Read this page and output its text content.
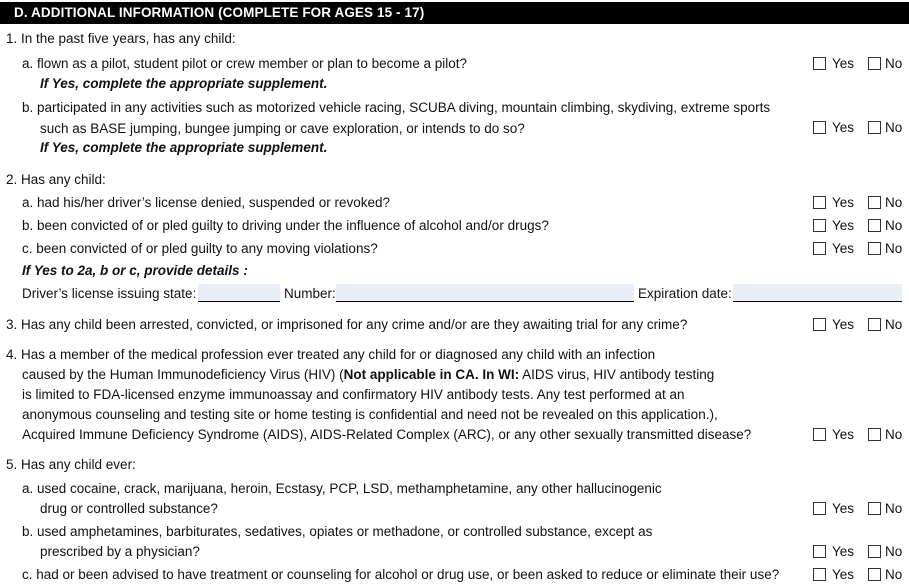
D. ADDITIONAL INFORMATION (COMPLETE FOR AGES 15 - 17)
1. In the past five years, has any child:
a. flown as a pilot, student pilot or crew member or plan to become a pilot?
If Yes, complete the appropriate supplement.
Yes No
b. participated in any activities such as motorized vehicle racing, SCUBA diving, mountain climbing, skydiving, extreme sports
such as BASE jumping, bungee jumping or cave exploration, or intends to do so?
If Yes, complete the appropriate supplement.
Yes No
2. Has any child:
a. had his/her driver’s license denied, suspended or revoked?	Yes No
b. been convicted of or pled guilty to driving under the influence of alcohol and/or drugs?	Yes No
c. been convicted of or pled guilty to any moving violations?	Yes No
If Yes to 2a, b or c, provide details :
Driver’s license issuing state:	Number:	Expiration date:
3. Has any child been arrested, convicted, or imprisoned for any crime and/or are they awaiting trial for any crime?	Yes No
4. Has a member of the medical profession ever treated any child for or diagnosed any child with an infection
caused by the Human Immunodeficiency Virus (HIV) (Not applicable in CA. In WI: AIDS virus, HIV antibody testing
is limited to FDA-licensed enzyme immunoassay and confirmatory HIV antibody tests. Any test performed at an
anonymous counseling and testing site or home testing is confidential and need not be revealed on this application.),
Acquired Immune Deficiency Syndrome (AIDS), AIDS-Related Complex (ARC), or any other sexually transmitted disease?	Yes No
5. Has any child ever:
a. used cocaine, crack, marijuana, heroin, Ecstasy, PCP, LSD, methamphetamine, any other hallucinogenic
drug or controlled substance?	Yes No
b. used amphetamines, barbiturates, sedatives, opiates or methadone, or controlled substance, except as
prescribed by a physician?	Yes No
c. had or been advised to have treatment or counseling for alcohol or drug use, or been asked to reduce or eliminate their use?	Yes No
